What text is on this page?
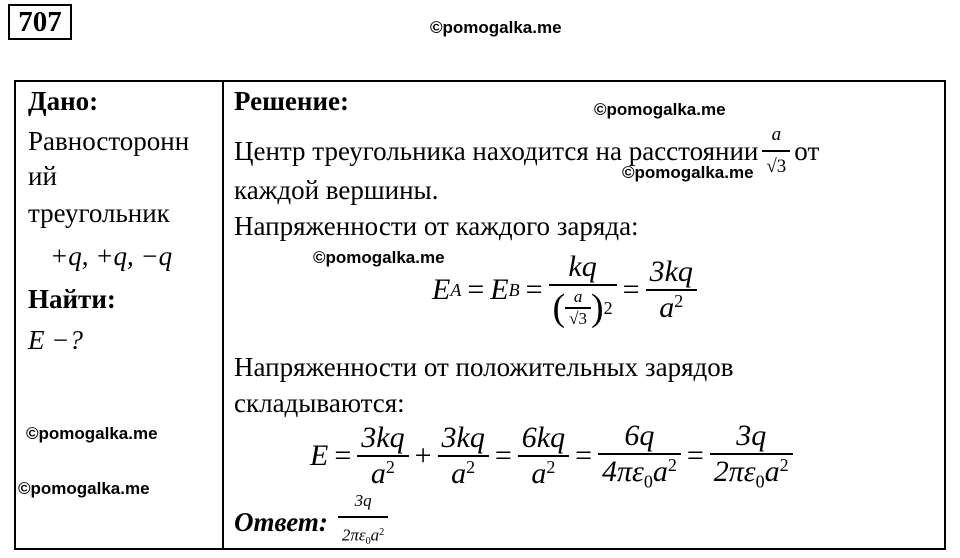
707	©pomogalka.me
©pomogalka.me
©pomogalka.me
©pomogalka.me
©pomogalka.me
©pomogalka.me
Дано:
Равносторонн
ий
треугольник
+q, +q, −q
Найти:
E −?
Решение:
Центр треугольника находится на расстоянии $\frac{a}{√3}$ от
каждой вершины.
Напряженности от каждого заряда:
E A = E $B = \frac{kq}{( \frac{a}{√3} ) 2} = \frac{3kq}{a^2}$
Напряженности от положительных зарядов
складываются:
$E = \frac{3kq}{a^2} + \frac{3kq}{a^2} = \frac{6kq}{a^2} = \frac{6q}{4\pi\varepsilon_0a^2} = \frac{3q}{2\pi\varepsilon_0a^2}$
Ответ: $\frac{3q}{2\pi\varepsilon_0a^2}$
